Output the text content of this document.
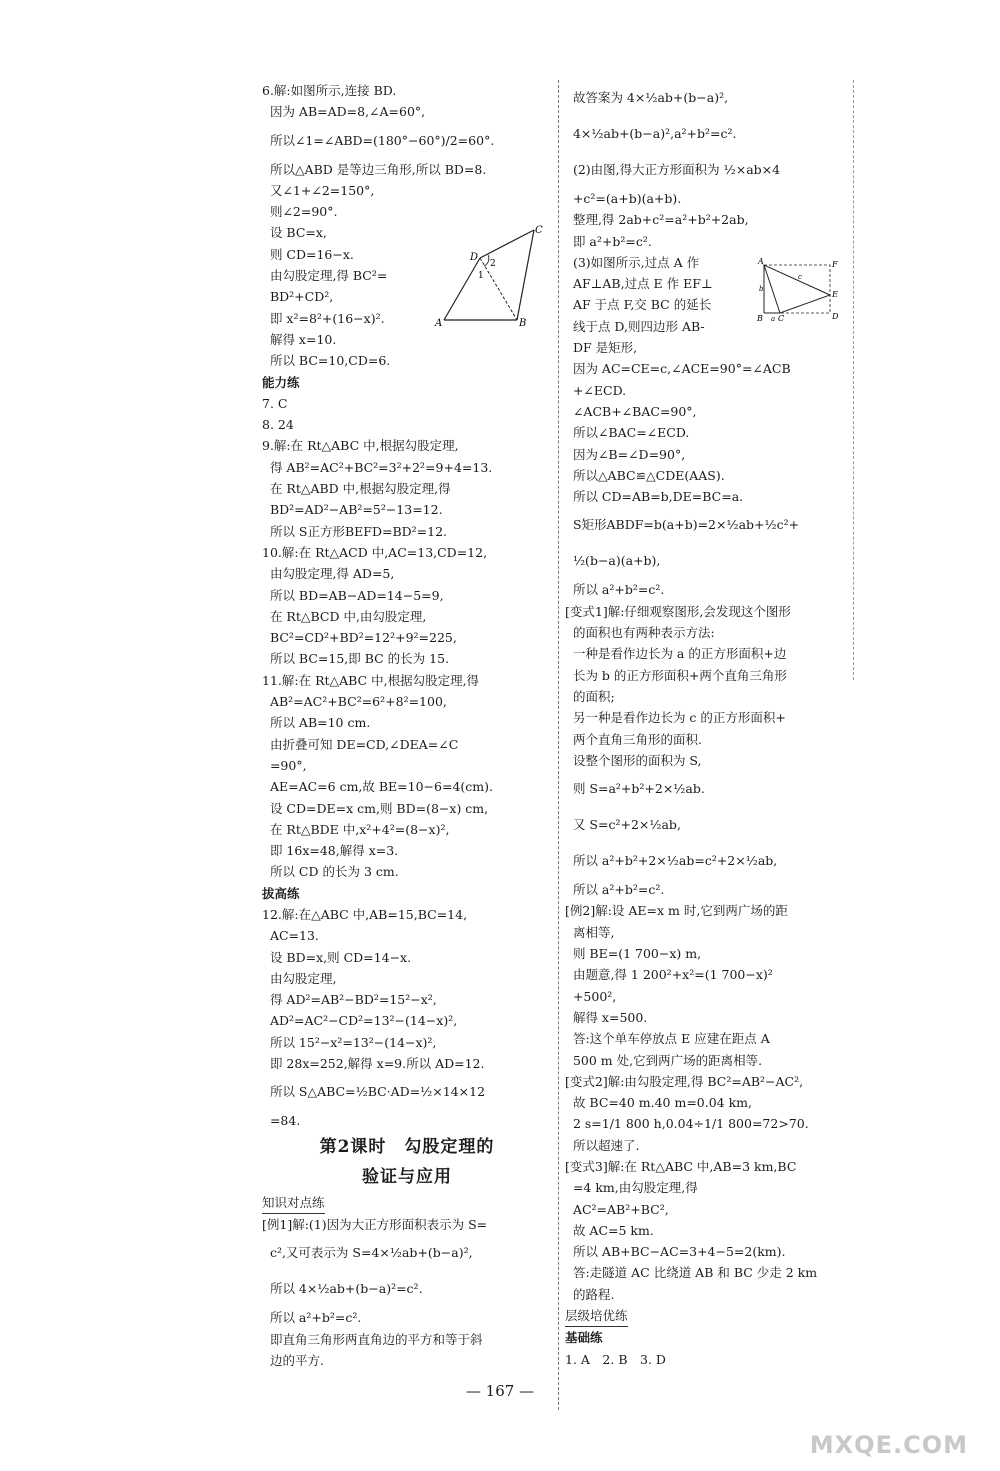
6.解:如图所示,连接 BD.
因为 AB=AD=8,∠A=60°,
所以∠1=∠ABD=(180°−60°)/2=60°.
所以△ABD 是等边三角形,所以 BD=8.
又∠1+∠2=150°,
则∠2=90°.
设 BC=x,
则 CD=16−x.
由勾股定理,得 BC²=
BD²+CD²,
即 x²=8²+(16−x)².
解得 x=10.
所以 BC=10,CD=6.
能力练
7. C
8. 24
9.解:在 Rt△ABC 中,根据勾股定理,
得 AB²=AC²+BC²=3²+2²=9+4=13.
在 Rt△ABD 中,根据勾股定理,得
BD²=AD²−AB²=5²−13=12.
所以 S正方形BEFD=BD²=12.
10.解:在 Rt△ACD 中,AC=13,CD=12,
由勾股定理,得 AD=5,
所以 BD=AB−AD=14−5=9,
在 Rt△BCD 中,由勾股定理,
BC²=CD²+BD²=12²+9²=225,
所以 BC=15,即 BC 的长为 15.
11.解:在 Rt△ABC 中,根据勾股定理,得
AB²=AC²+BC²=6²+8²=100,
所以 AB=10 cm.
由折叠可知 DE=CD,∠DEA=∠C
=90°,
AE=AC=6 cm,故 BE=10−6=4(cm).
设 CD=DE=x cm,则 BD=(8−x) cm,
在 Rt△BDE 中,x²+4²=(8−x)²,
即 16x=48,解得 x=3.
所以 CD 的长为 3 cm.
拔高练
12.解:在△ABC 中,AB=15,BC=14,
AC=13.
设 BD=x,则 CD=14−x.
由勾股定理,
得 AD²=AB²−BD²=15²−x²,
AD²=AC²−CD²=13²−(14−x)²,
所以 15²−x²=13²−(14−x)²,
即 28x=252,解得 x=9.所以 AD=12.
所以 S△ABC=½BC·AD=½×14×12
=84.
第2课时　勾股定理的
验证与应用
知识对点练
[例1]解:(1)因为大正方形面积表示为 S=
c²,又可表示为 S=4×½ab+(b−a)²,
所以 4×½ab+(b−a)²=c².
所以 a²+b²=c².
即直角三角形两直角边的平方和等于斜
边的平方.
故答案为 4×½ab+(b−a)²,
4×½ab+(b−a)²,a²+b²=c².
(2)由图,得大正方形面积为 ½×ab×4
+c²=(a+b)(a+b).
整理,得 2ab+c²=a²+b²+2ab,
即 a²+b²=c².
(3)如图所示,过点 A 作
AF⊥AB,过点 E 作 EF⊥
AF 于点 F,交 BC 的延长
线于点 D,则四边形 AB-
DF 是矩形,
因为 AC=CE=c,∠ACE=90°=∠ACB
+∠ECD.
∠ACB+∠BAC=90°,
所以∠BAC=∠ECD.
因为∠B=∠D=90°,
所以△ABC≌△CDE(AAS).
所以 CD=AB=b,DE=BC=a.
S矩形ABDF=b(a+b)=2×½ab+½c²+
½(b−a)(a+b),
所以 a²+b²=c².
[变式1]解:仔细观察图形,会发现这个图形
的面积也有两种表示方法:
一种是看作边长为 a 的正方形面积+边
长为 b 的正方形面积+两个直角三角形
的面积;
另一种是看作边长为 c 的正方形面积+
两个直角三角形的面积.
设整个图形的面积为 S,
则 S=a²+b²+2×½ab.
又 S=c²+2×½ab,
所以 a²+b²+2×½ab=c²+2×½ab,
所以 a²+b²=c².
[例2]解:设 AE=x m 时,它到两广场的距
离相等,
则 BE=(1 700−x) m,
由题意,得 1 200²+x²=(1 700−x)²
+500²,
解得 x=500.
答:这个单车停放点 E 应建在距点 A
500 m 处,它到两广场的距离相等.
[变式2]解:由勾股定理,得 BC²=AB²−AC²,
故 BC=40 m.40 m=0.04 km,
2 s=1/1 800 h,0.04÷1/1 800=72>70.
所以超速了.
[变式3]解:在 Rt△ABC 中,AB=3 km,BC
=4 km,由勾股定理,得
AC²=AB²+BC²,
故 AC=5 km.
所以 AB+BC−AC=3+4−5=2(km).
答:走隧道 AC 比绕道 AB 和 BC 少走 2 km
的路程.
层级培优练
基础练
1. A　2. B　3. D
A	B
C
D
1
2	A
B C	D
E
F
a
b
c
— 167 —
MXQE.COM
